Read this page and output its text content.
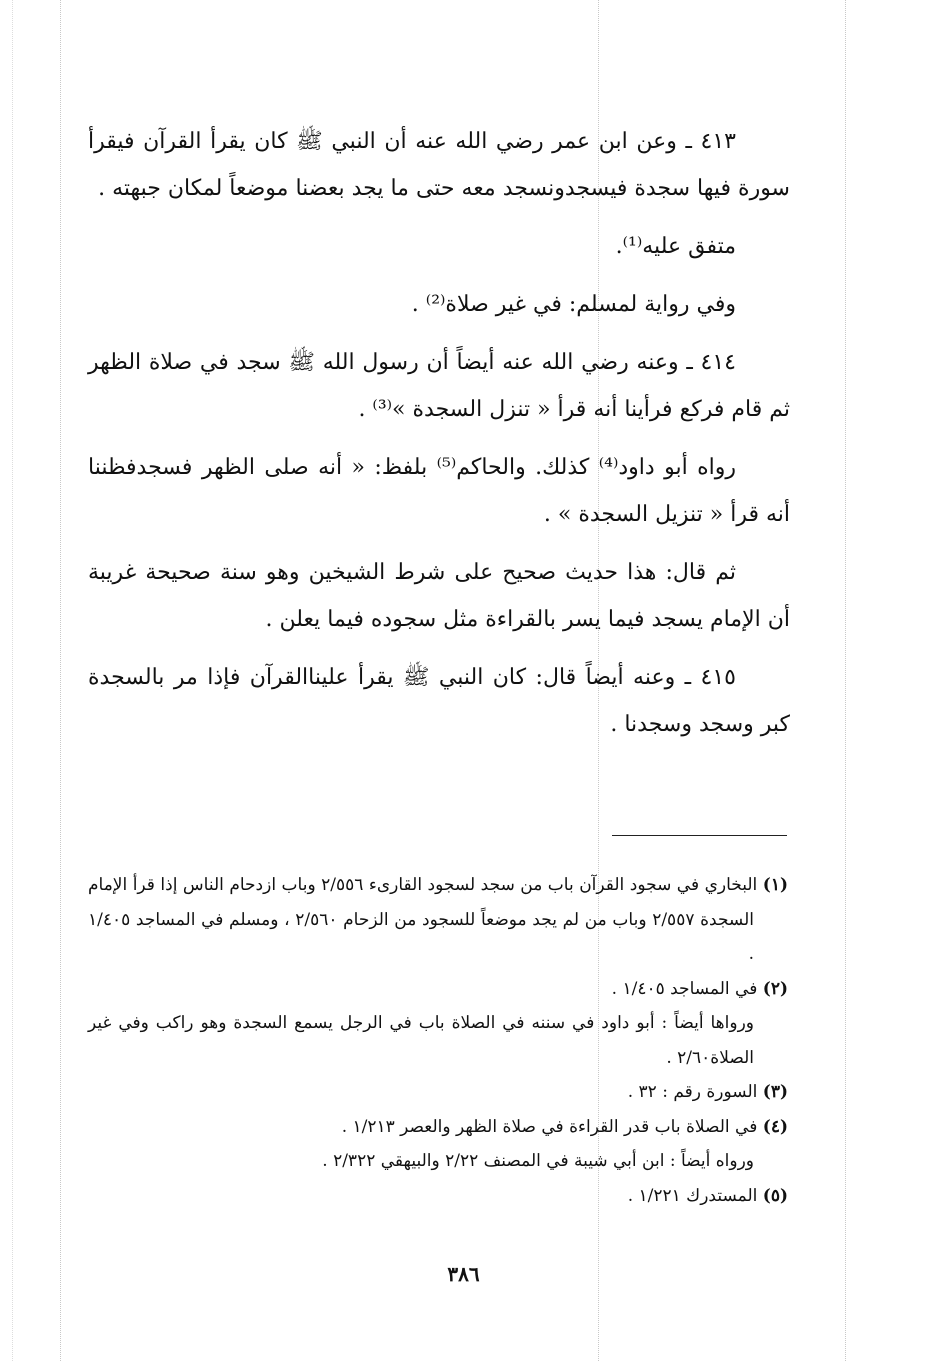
٤١٣ ـ وعن ابن عمر رضي الله عنه أن النبي ﷺ كان يقرأ القرآن فيقرأ سورة فيها سجدة فيسجدونسجد معه حتى ما يجد بعضنا موضعاً لمكان جبهته .

متفق عليه⁽¹⁾.

وفي رواية لمسلم: في غير صلاة⁽²⁾ .

٤١٤ ـ وعنه رضي الله عنه أيضاً أن رسول الله ﷺ سجد في صلاة الظهر ثم قام فركع فرأينا أنه قرأ « تنزل السجدة »⁽³⁾ .

رواه أبو داود⁽⁴⁾ كذلك. والحاكم⁽⁵⁾ بلفظ: « أنه صلى الظهر فسجدفظننا أنه قرأ « تنزيل السجدة » .

ثم قال: هذا حديث صحيح على شرط الشيخين وهو سنة صحيحة غريبة أن الإمام يسجد فيما يسر بالقراءة مثل سجوده فيما يعلن .

٤١٥ ـ وعنه أيضاً قال: كان النبي ﷺ يقرأ عليناالقرآن فإذا مر بالسجدة كبر وسجد وسجدنا .

(١) البخاري في سجود القرآن باب من سجد لسجود القارىء ٢/٥٥٦ وباب ازدحام الناس إذا قرأ الإمام السجدة ٢/٥٥٧ وباب من لم يجد موضعاً للسجود من الزحام ٢/٥٦٠ ، ومسلم في المساجد ١/٤٠٥ .

(٢) في المساجد ١/٤٠٥ .

ورواها أيضاً : أبو داود في سننه في الصلاة باب في الرجل يسمع السجدة وهو راكب وفي غير الصلاة٢/٦٠ .

(٣) السورة رقم : ٣٢ .

(٤) في الصلاة باب قدر القراءة في صلاة الظهر والعصر ١/٢١٣ .

ورواه أيضاً : ابن أبي شيبة في المصنف ٢/٢٢ والبيهقي ٢/٣٢٢ .

(٥) المستدرك ١/٢٢١ .

٣٨٦
